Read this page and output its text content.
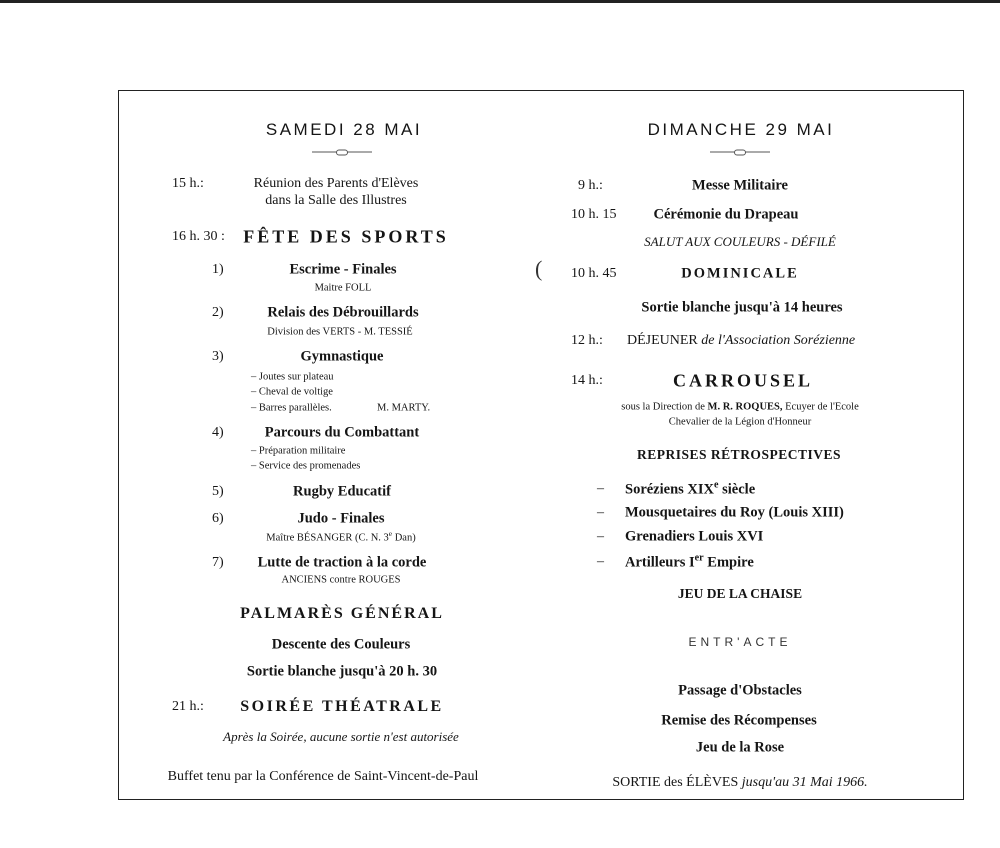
(
SAMEDI 28 MAI
15 h.:	Réunion des Parents d'Elèves
dans la Salle des Illustres
16 h. 30 : FÊTE DES SPORTS
1)	Escrime - Finales
Maitre FOLL
2)	Relais des Débrouillards
Division des VERTS - M. TESSIÉ
3)	Gymnastique
– Joutes sur plateau
– Cheval de voltige
– Barres parallèles.	M. MARTY.
4)	Parcours du Combattant
– Préparation militaire
– Service des promenades
5)	Rugby Educatif
6)	Judo - Finales
Maître BÉSANGER (C. N. 3e Dan)
7) Lutte de traction à la corde
ANCIENS contre ROUGES
PALMARÈS GÉNÉRAL
Descente des Couleurs
Sortie blanche jusqu'à 20 h. 30
21 h.: SOIRÉE THÉATRALE
Après la Soirée, aucune sortie n'est autorisée
Buffet tenu par la Conférence de Saint-Vincent-de-Paul
DIMANCHE 29 MAI
9 h.:	Messe Militaire
10 h. 15	Cérémonie du Drapeau
SALUT AUX COULEURS - DÉFILÉ
10 h. 45	DOMINICALE
Sortie blanche jusqu'à 14 heures
12 h.: DÉJEUNER de l'Association Sorézienne
14 h.:	CARROUSEL
sous la Direction de M. R. ROQUES, Ecuyer de l'Ecole
Chevalier de la Légion d'Honneur
REPRISES RÉTROSPECTIVES
– Soréziens XIXe siècle
– Mousquetaires du Roy (Louis XIII)
– Grenadiers Louis XVI
– Artilleurs Ier Empire
JEU DE LA CHAISE
ENTR'ACTE
Passage d'Obstacles
Remise des Récompenses
Jeu de la Rose
SORTIE des ÉLÈVES jusqu'au 31 Mai 1966.
